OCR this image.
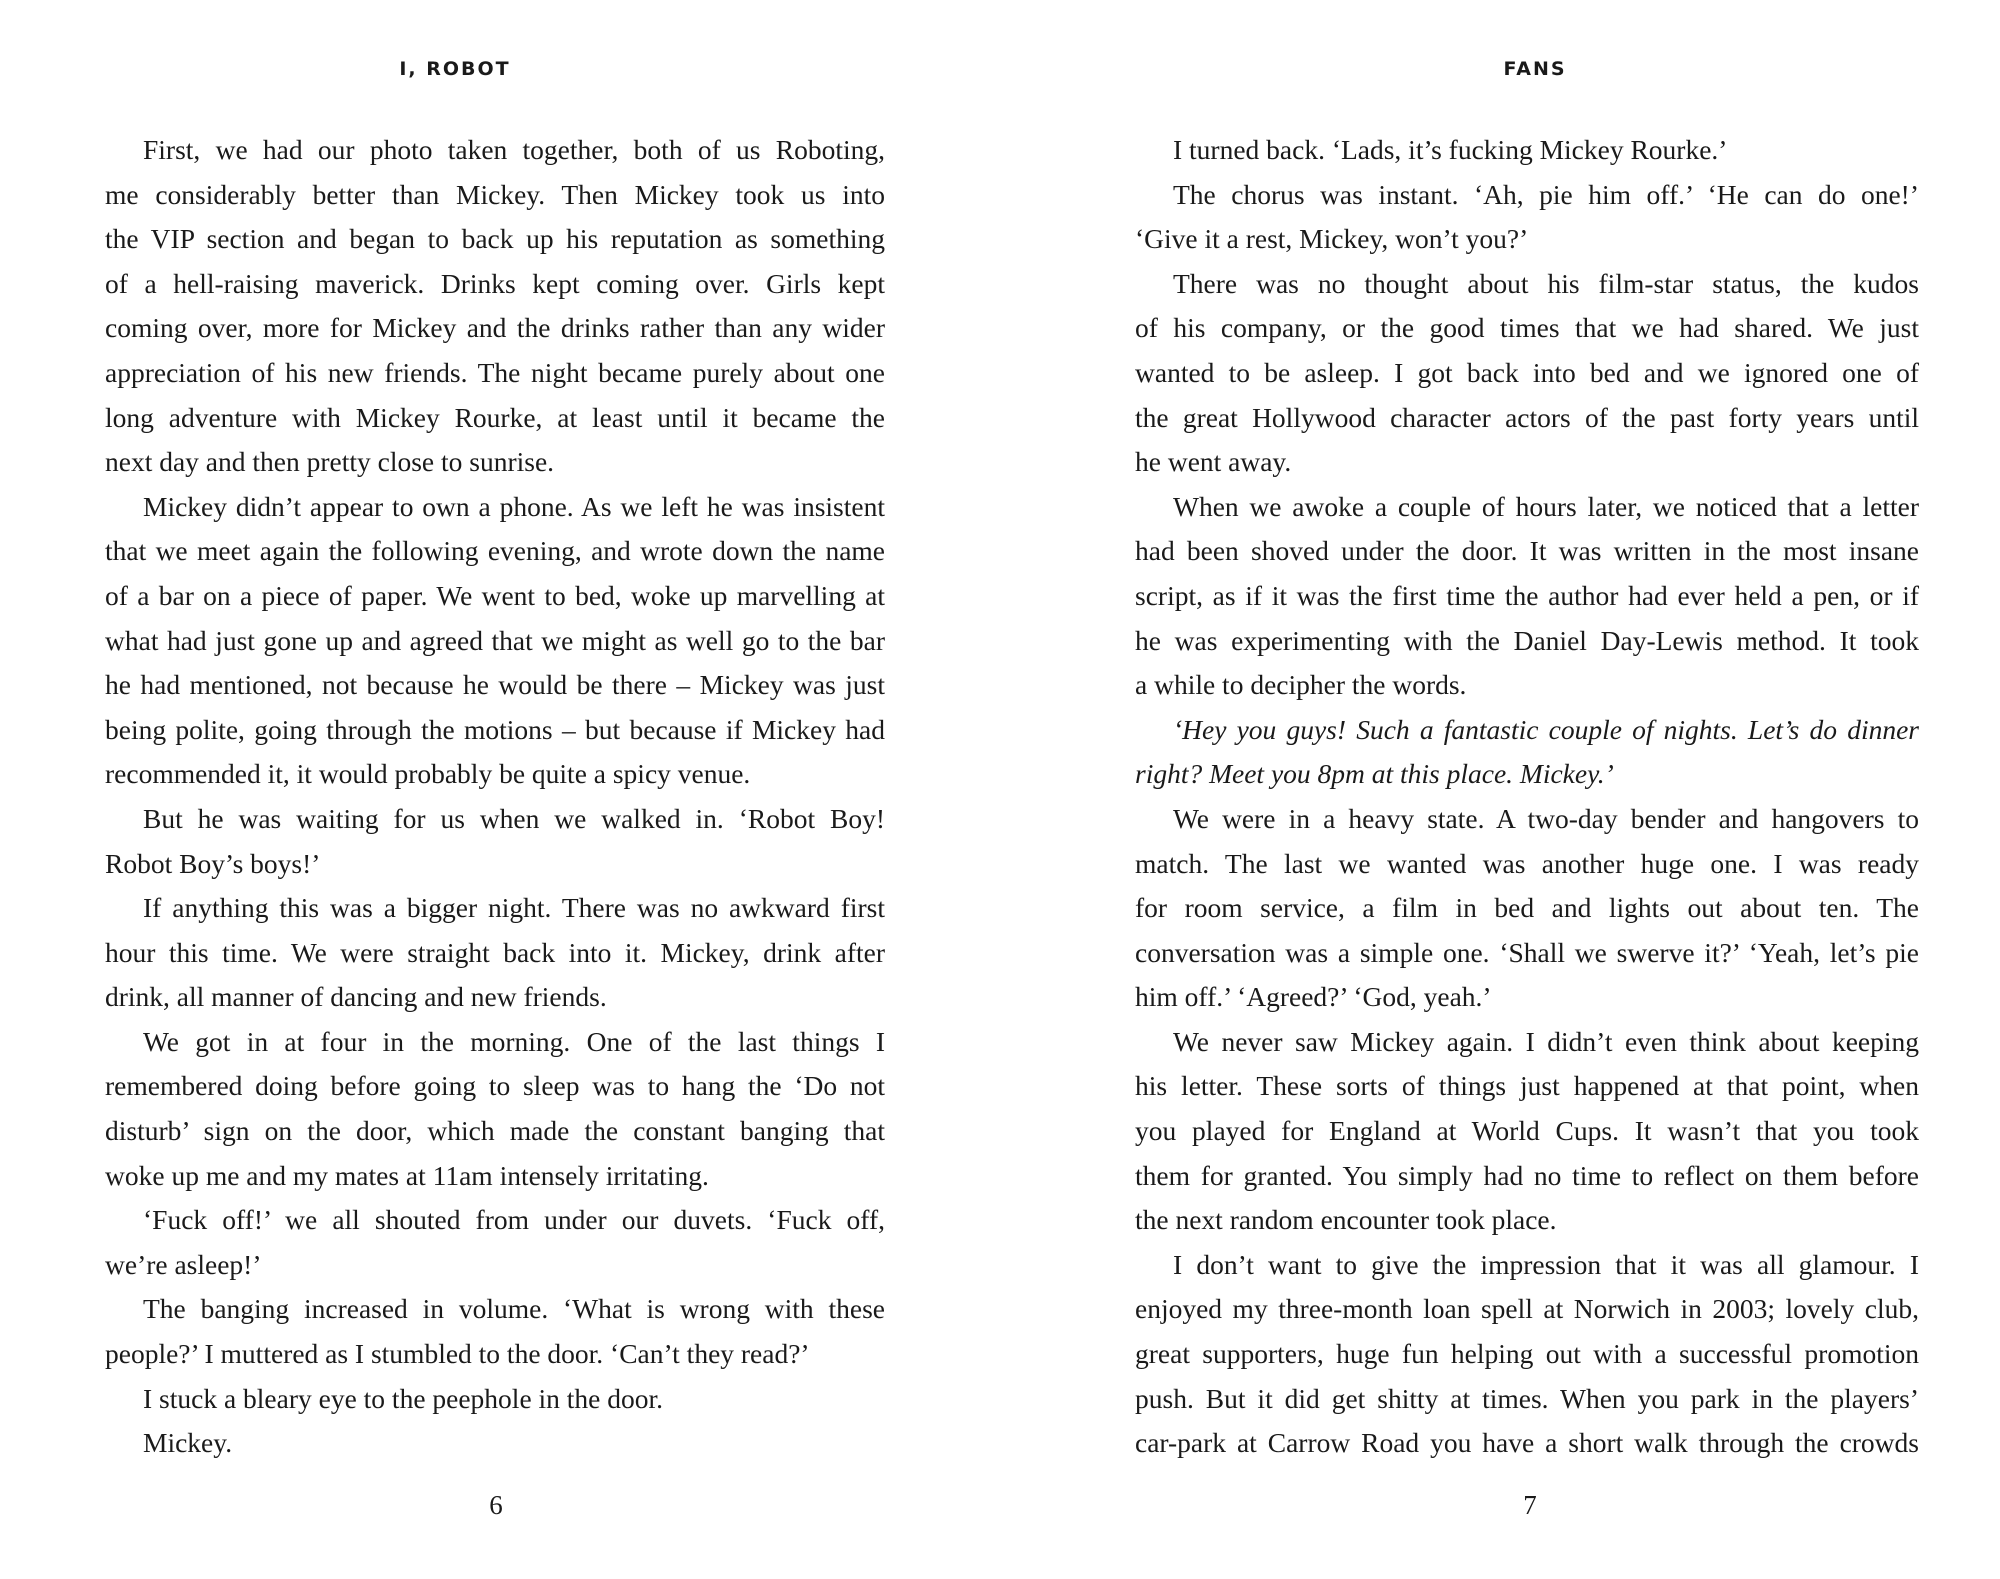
I, ROBOT
First, we had our photo taken together, both of us Roboting,
me considerably better than Mickey. Then Mickey took us into
the VIP section and began to back up his reputation as something
of a hell-raising maverick. Drinks kept coming over. Girls kept
coming over, more for Mickey and the drinks rather than any wider
appreciation of his new friends. The night became purely about one
long adventure with Mickey Rourke, at least until it became the
next day and then pretty close to sunrise.
Mickey didn’t appear to own a phone. As we left he was insistent
that we meet again the following evening, and wrote down the name
of a bar on a piece of paper. We went to bed, woke up marvelling at
what had just gone up and agreed that we might as well go to the bar
he had mentioned, not because he would be there – Mickey was just
being polite, going through the motions – but because if Mickey had
recommended it, it would probably be quite a spicy venue.
But he was waiting for us when we walked in. ‘Robot Boy!
Robot Boy’s boys!’
If anything this was a bigger night. There was no awkward first
hour this time. We were straight back into it. Mickey, drink after
drink, all manner of dancing and new friends.
We got in at four in the morning. One of the last things I
remembered doing before going to sleep was to hang the ‘Do not
disturb’ sign on the door, which made the constant banging that
woke up me and my mates at 11am intensely irritating.
‘Fuck off!’ we all shouted from under our duvets. ‘Fuck off,
we’re asleep!’
The banging increased in volume. ‘What is wrong with these
people?’ I muttered as I stumbled to the door. ‘Can’t they read?’
I stuck a bleary eye to the peephole in the door.
Mickey.
6
FANS
I turned back. ‘Lads, it’s fucking Mickey Rourke.’
The chorus was instant. ‘Ah, pie him off.’ ‘He can do one!’
‘Give it a rest, Mickey, won’t you?’
There was no thought about his film-star status, the kudos
of his company, or the good times that we had shared. We just
wanted to be asleep. I got back into bed and we ignored one of
the great Hollywood character actors of the past forty years until
he went away.
When we awoke a couple of hours later, we noticed that a letter
had been shoved under the door. It was written in the most insane
script, as if it was the first time the author had ever held a pen, or if
he was experimenting with the Daniel Day-Lewis method. It took
a while to decipher the words.
‘Hey you guys! Such a fantastic couple of nights. Let’s do dinner
right? Meet you 8pm at this place. Mickey.’
We were in a heavy state. A two-day bender and hangovers to
match. The last we wanted was another huge one. I was ready
for room service, a film in bed and lights out about ten. The
conversation was a simple one. ‘Shall we swerve it?’ ‘Yeah, let’s pie
him off.’ ‘Agreed?’ ‘God, yeah.’
We never saw Mickey again. I didn’t even think about keeping
his letter. These sorts of things just happened at that point, when
you played for England at World Cups. It wasn’t that you took
them for granted. You simply had no time to reflect on them before
the next random encounter took place.
I don’t want to give the impression that it was all glamour. I
enjoyed my three-month loan spell at Norwich in 2003; lovely club,
great supporters, huge fun helping out with a successful promotion
push. But it did get shitty at times. When you park in the players’
car-park at Carrow Road you have a short walk through the crowds
7
